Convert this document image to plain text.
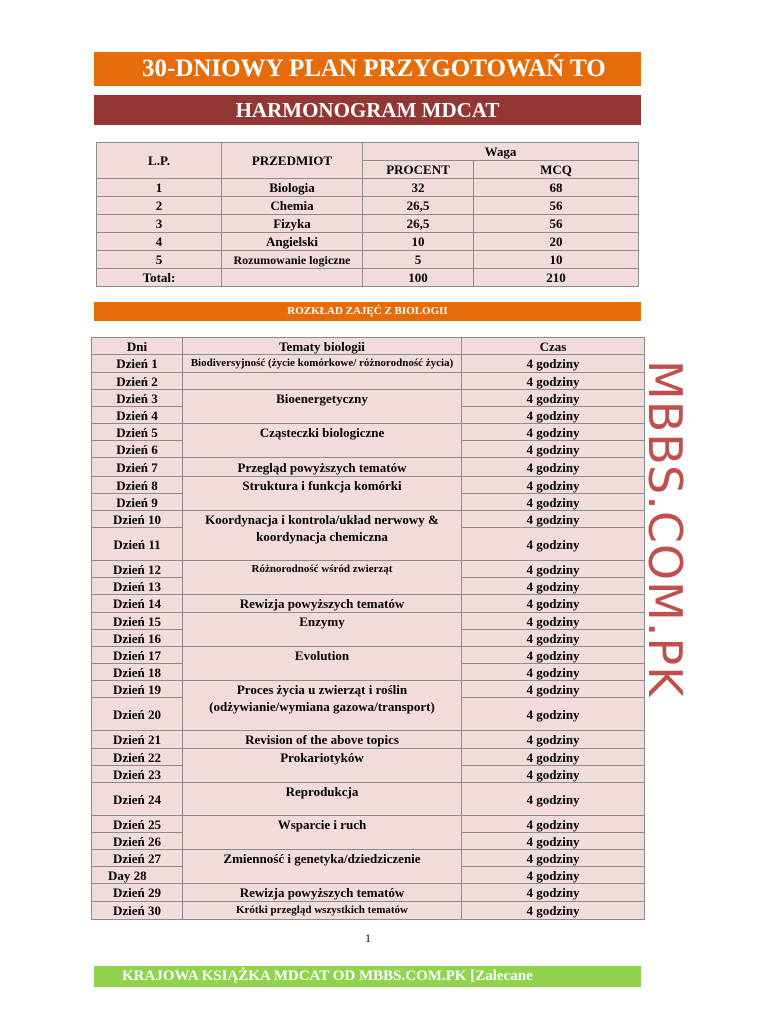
30-DNIOWY PLAN PRZYGOTOWAŃ TO
HARMONOGRAM MDCAT
L.P.	PRZEDMIOT	Waga	
		PROCENT	MCQ
1	Biologia	32	68
2	Chemia	26,5	56
3	Fizyka	26,5	56
4	Angielski	10	20
5	Rozumowanie logiczne	5	10
Total:		100	210
ROZKŁAD ZAJĘĆ Z BIOLOGII
Dni	Tematy biologii	Czas
Dzień 1	Biodiversyjność (życie komórkowe/ różnorodność życia)	4 godziny
Dzień 2		4 godziny
Dzień 3	Bioenergetyczny	4 godziny
Dzień 4		4 godziny
Dzień 5	Cząsteczki biologiczne	4 godziny
Dzień 6		4 godziny
Dzień 7	Przegląd powyższych tematów	4 godziny
Dzień 8	Struktura i funkcja komórki	4 godziny
Dzień 9		4 godziny
Dzień 10	Koordynacja i kontrola/układ nerwowy & koordynacja chemiczna	4 godziny
Dzień 11		4 godziny
Dzień 12	Różnorodność wśród zwierząt	4 godziny
Dzień 13		4 godziny
Dzień 14	Rewizja powyższych tematów	4 godziny
Dzień 15	Enzymy	4 godziny
Dzień 16		4 godziny
Dzień 17	Evolution	4 godziny
Dzień 18		4 godziny
Dzień 19	Proces życia u zwierząt i roślin (odżywianie/wymiana gazowa/transport)	4 godziny
Dzień 20		4 godziny
Dzień 21	Revision of the above topics	4 godziny
Dzień 22	Prokariotyków	4 godziny
Dzień 23		4 godziny
Dzień 24	Reprodukcja	4 godziny
Dzień 25	Wsparcie i ruch	4 godziny
Dzień 26		4 godziny
Dzień 27	Zmienność i genetyka/dziedziczenie	4 godziny
Day 28		4 godziny
Dzień 29	Rewizja powyższych tematów	4 godziny
Dzień 30	Krótki przegląd wszystkich tematów	4 godziny
1
KRAJOWA KSIĄŻKA MDCAT OD MBBS.COM.PK [Zalecane
MBBS.COM.PK
